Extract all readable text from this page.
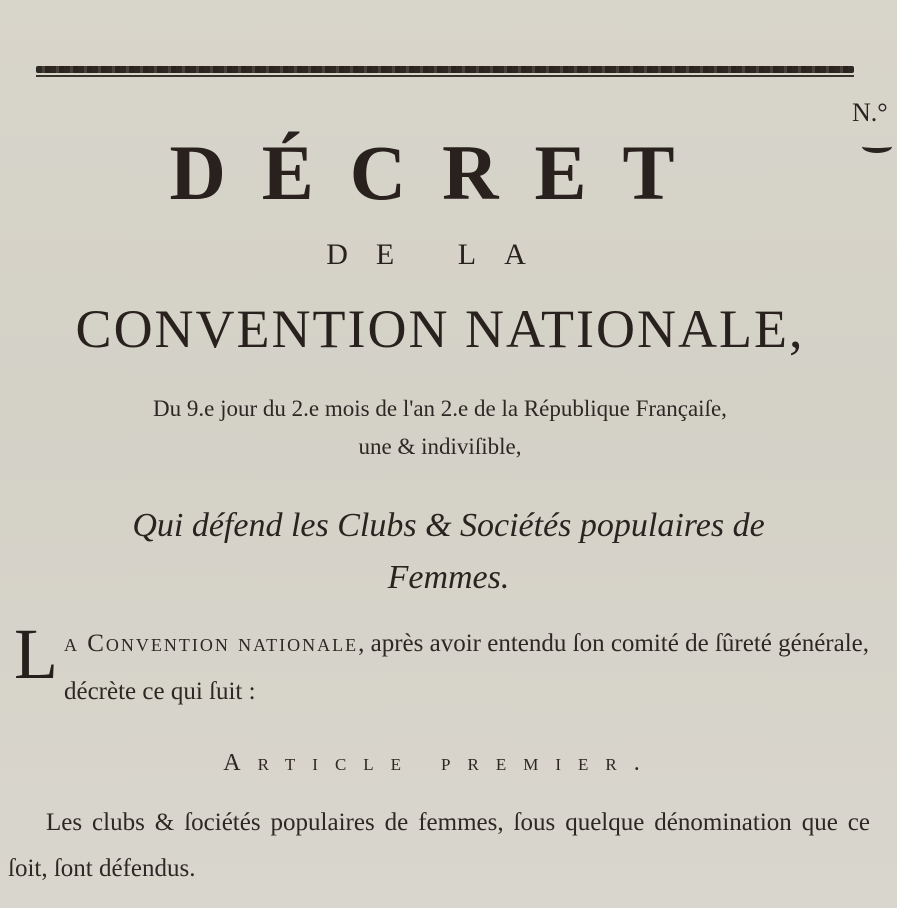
N.°
DÉCRET
DE LA
CONVENTION NATIONALE,
Du 9.e jour du 2.e mois de l'an 2.e de la République Françaiſe,
une & indiviſible,
Qui défend les Clubs & Sociétés populaires de
Femmes.
La Convention nationale, après avoir entendu ſon comité de ſûreté générale, décrète ce qui ſuit :
Article premier.
Les clubs & ſociétés populaires de femmes, ſous quelque dénomination que ce ſoit, ſont défendus.
